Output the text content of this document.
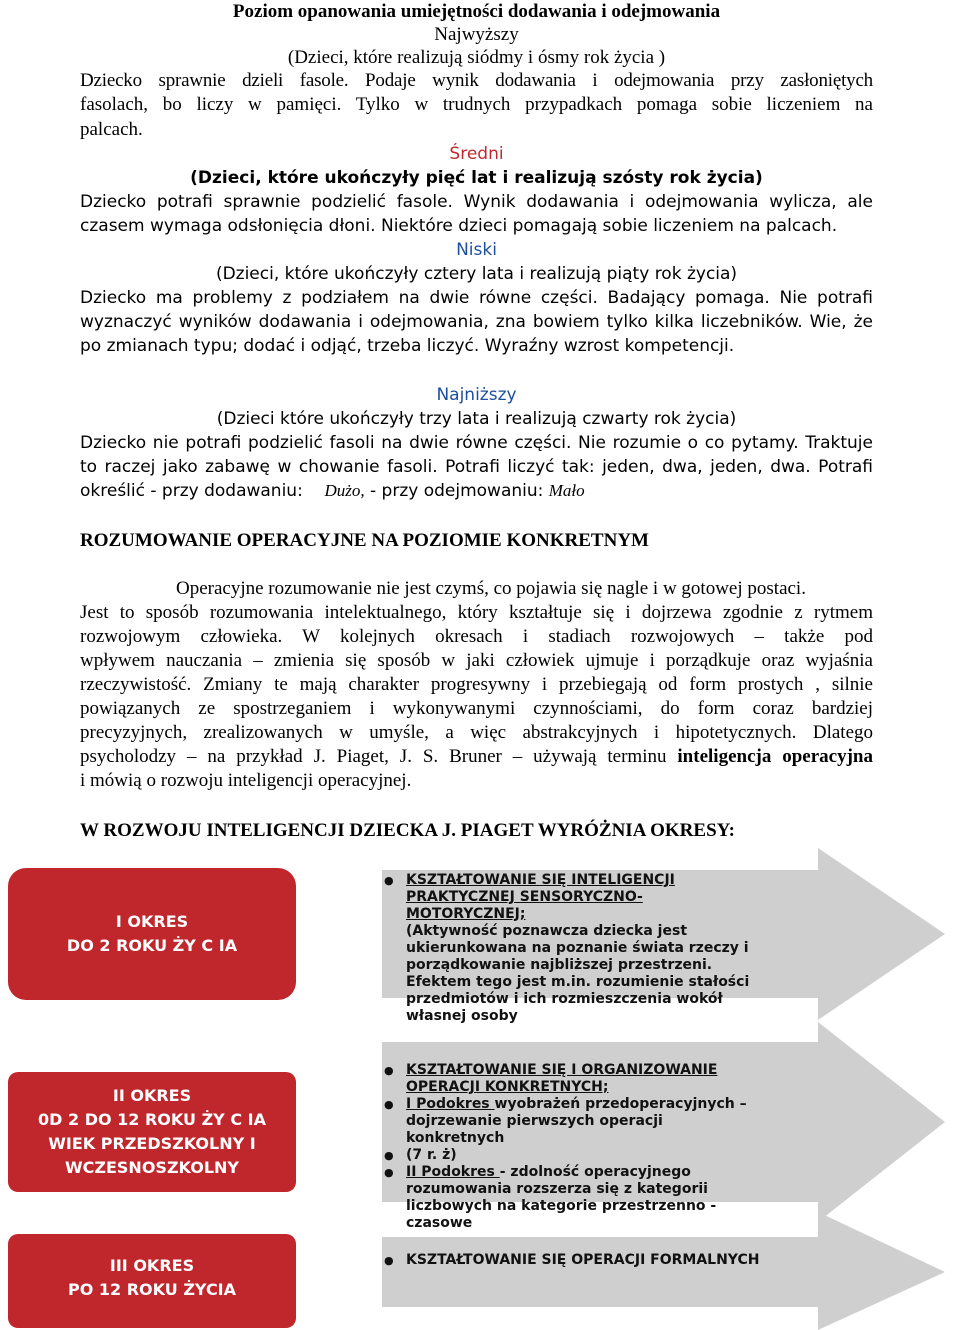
Poziom opanowania umiejętności dodawania i odejmowania
Najwyższy
(Dzieci, które realizują siódmy i ósmy rok życia )
Dziecko sprawnie dzieli fasole. Podaje wynik dodawania i odejmowania przy zasłoniętych
fasolach, bo liczy w pamięci. Tylko w trudnych przypadkach pomaga sobie liczeniem na
palcach.
Średni
(Dzieci, które ukończyły pięć lat i realizują szósty rok życia)
Dziecko potrafi sprawnie podzielić fasole. Wynik dodawania i odejmowania wylicza, ale
czasem wymaga odsłonięcia dłoni. Niektóre dzieci pomagają sobie liczeniem na palcach.
Niski
(Dzieci, które ukończyły cztery lata i realizują piąty rok życia)
Dziecko ma problemy z podziałem na dwie równe części. Badający pomaga. Nie potrafi
wyznaczyć wyników dodawania i odejmowania, zna bowiem tylko kilka liczebników. Wie, że
po zmianach typu; dodać i odjąć, trzeba liczyć. Wyraźny wzrost kompetencji.
Najniższy
(Dzieci które ukończyły trzy lata i realizują czwarty rok życia)
Dziecko nie potrafi podzielić fasoli na dwie równe części. Nie rozumie o co pytamy. Traktuje
to raczej jako zabawę w chowanie fasoli. Potrafi liczyć tak: jeden, dwa, jeden, dwa. Potrafi
określić - przy dodawaniu: Dużo, - przy odejmowaniu: Mało
ROZUMOWANIE OPERACYJNE NA POZIOMIE KONKRETNYM
Operacyjne rozumowanie nie jest czymś, co pojawia się nagle i w gotowej postaci.
Jest to sposób rozumowania intelektualnego, który kształtuje się i dojrzewa zgodnie z rytmem
rozwojowym człowieka. W kolejnych okresach i stadiach rozwojowych – także pod
wpływem nauczania – zmienia się sposób w jaki człowiek ujmuje i porządkuje oraz wyjaśnia
rzeczywistość. Zmiany te mają charakter progresywny i przebiegają od form prostych , silnie
powiązanych ze spostrzeganiem i wykonywanymi czynnościami, do form coraz bardziej
precyzyjnych, zrealizowanych w umyśle, a więc abstrakcyjnych i hipotetycznych. Dlatego
psycholodzy – na przykład J. Piaget, J. S. Bruner – używają terminu inteligencja operacyjna
i mówią o rozwoju inteligencji operacyjnej.
W ROZWOJU INTELIGENCJI DZIECKA J. PIAGET WYRÓŻNIA OKRESY:
I OKRES
DO 2 ROKU ŻY C IA
II OKRES
0D 2 DO 12 ROKU ŻY C IA
WIEK PRZEDSZKOLNY I
WCZESNOSZKOLNY
III OKRES
PO 12 ROKU ŻYCIA
● KSZTAŁTOWANIE SIĘ INTELIGENCJI
PRAKTYCZNEJ SENSORYCZNO-
MOTORYCZNEJ;
(Aktywność poznawcza dziecka jest
ukierunkowana na poznanie świata rzeczy i
porządkowanie najbliższej przestrzeni.
Efektem tego jest m.in. rozumienie stałości
przedmiotów i ich rozmieszczenia wokół
własnej osoby
● KSZTAŁTOWANIE SIĘ I ORGANIZOWANIE
OPERACJI KONKRETNYCH;
● I Podokres wyobrażeń przedoperacyjnych –
dojrzewanie pierwszych operacji
konkretnych
● (7 r. ż)
● II Podokres - zdolność operacyjnego
rozumowania rozszerza się z kategorii
liczbowych na kategorie przestrzenno -
czasowe
● KSZTAŁTOWANIE SIĘ OPERACJI FORMALNYCH
